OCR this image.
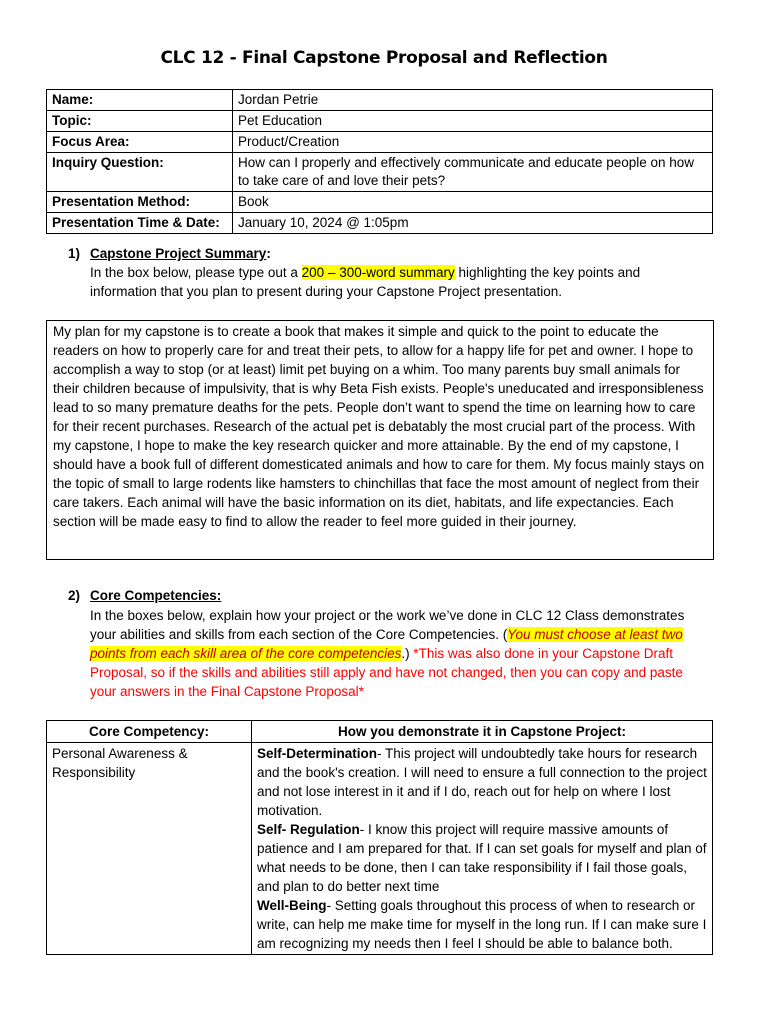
CLC 12 - Final Capstone Proposal and Reflection
Name:	Jordan Petrie
Topic:	Pet Education
Focus Area:	Product/Creation
Inquiry Question:	How can I properly and effectively communicate and educate people on how to take care of and love their pets?
Presentation Method:	Book
Presentation Time & Date:	January 10, 2024 @ 1:05pm
1) Capstone Project Summary:
In the box below, please type out a 200 – 300-word summary highlighting the key points and information that you plan to present during your Capstone Project presentation.
My plan for my capstone is to create a book that makes it simple and quick to the point to educate the readers on how to properly care for and treat their pets, to allow for a happy life for pet and owner. I hope to accomplish a way to stop (or at least) limit pet buying on a whim. Too many parents buy small animals for their children because of impulsivity, that is why Beta Fish exists. People's uneducated and irresponsibleness lead to so many premature deaths for the pets. People don’t want to spend the time on learning how to care for their recent purchases. Research of the actual pet is debatably the most crucial part of the process. With my capstone, I hope to make the key research quicker and more attainable. By the end of my capstone, I should have a book full of different domesticated animals and how to care for them. My focus mainly stays on the topic of small to large rodents like hamsters to chinchillas that face the most amount of neglect from their care takers. Each animal will have the basic information on its diet, habitats, and life expectancies. Each section will be made easy to find to allow the reader to feel more guided in their journey.
2) Core Competencies:
In the boxes below, explain how your project or the work we’ve done in CLC 12 Class demonstrates your abilities and skills from each section of the Core Competencies. (You must choose at least two points from each skill area of the core competencies.) *This was also done in your Capstone Draft Proposal, so if the skills and abilities still apply and have not changed, then you can copy and paste your answers in the Final Capstone Proposal*
Core Competency:	How you demonstrate it in Capstone Project:
Personal Awareness & Responsibility	Self-Determination- This project will undoubtedly take hours for research and the book's creation. I will need to ensure a full connection to the project and not lose interest in it and if I do, reach out for help on where I lost motivation.
Self- Regulation- I know this project will require massive amounts of patience and I am prepared for that. If I can set goals for myself and plan of what needs to be done, then I can take responsibility if I fail those goals, and plan to do better next time
Well-Being- Setting goals throughout this process of when to research or write, can help me make time for myself in the long run. If I can make sure I am recognizing my needs then I feel I should be able to balance both.
